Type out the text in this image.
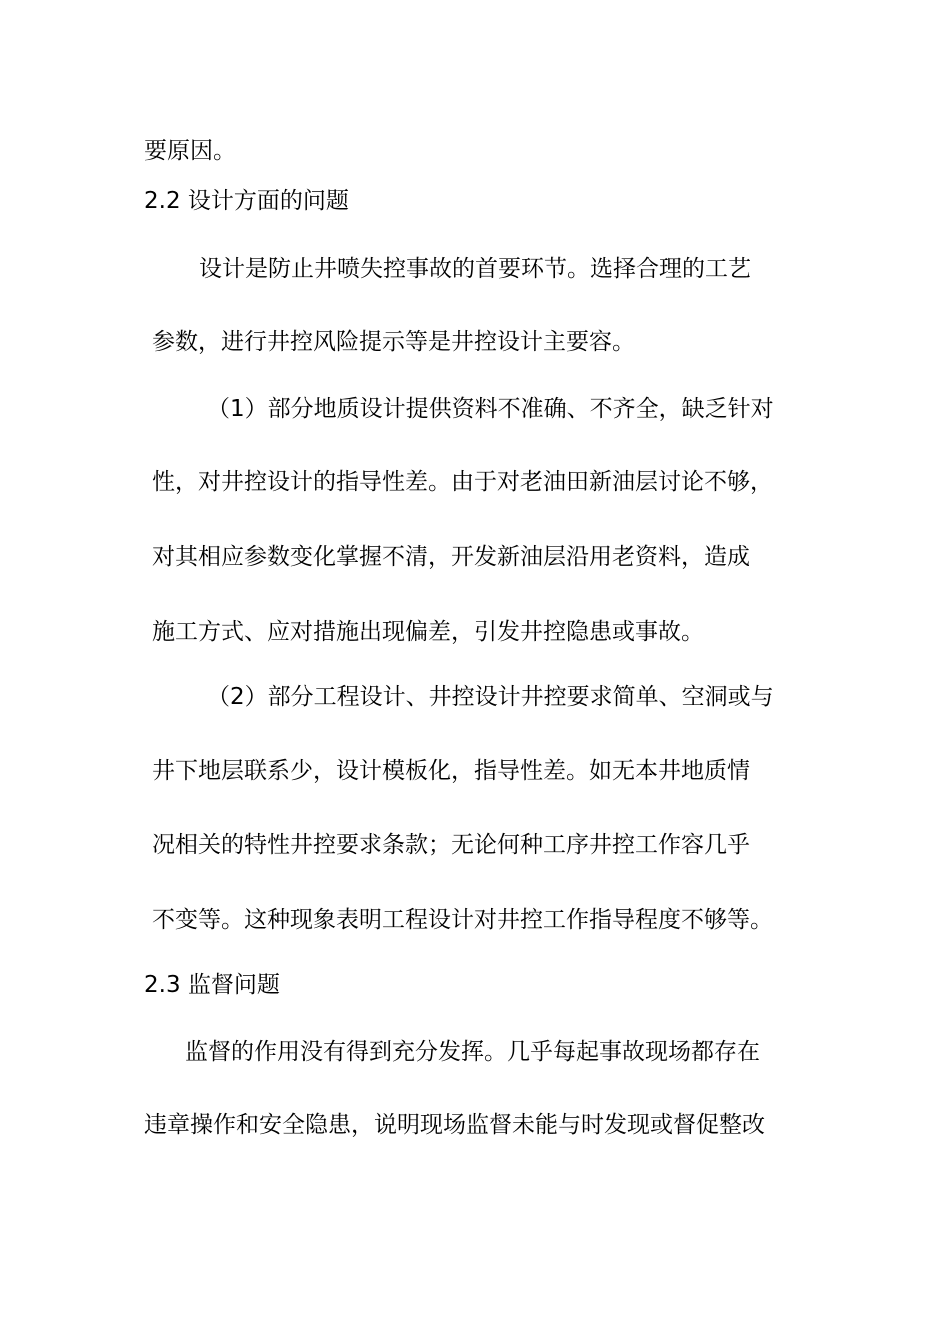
要原因。

2.2 设计方面的问题

设计是防止井喷失控事故的首要环节。选择合理的工艺

参数，进行井控风险提示等是井控设计主要容。

（1）部分地质设计提供资料不准确、不齐全，缺乏针对

性，对井控设计的指导性差。由于对老油田新油层讨论不够，

对其相应参数变化掌握不清，开发新油层沿用老资料，造成

施工方式、应对措施出现偏差，引发井控隐患或事故。

（2）部分工程设计、井控设计井控要求简单、空洞或与

井下地层联系少，设计模板化，指导性差。如无本井地质情

况相关的特性井控要求条款；无论何种工序井控工作容几乎

不变等。这种现象表明工程设计对井控工作指导程度不够等。

2.3 监督问题

监督的作用没有得到充分发挥。几乎每起事故现场都存在

违章操作和安全隐患，说明现场监督未能与时发现或督促整改
